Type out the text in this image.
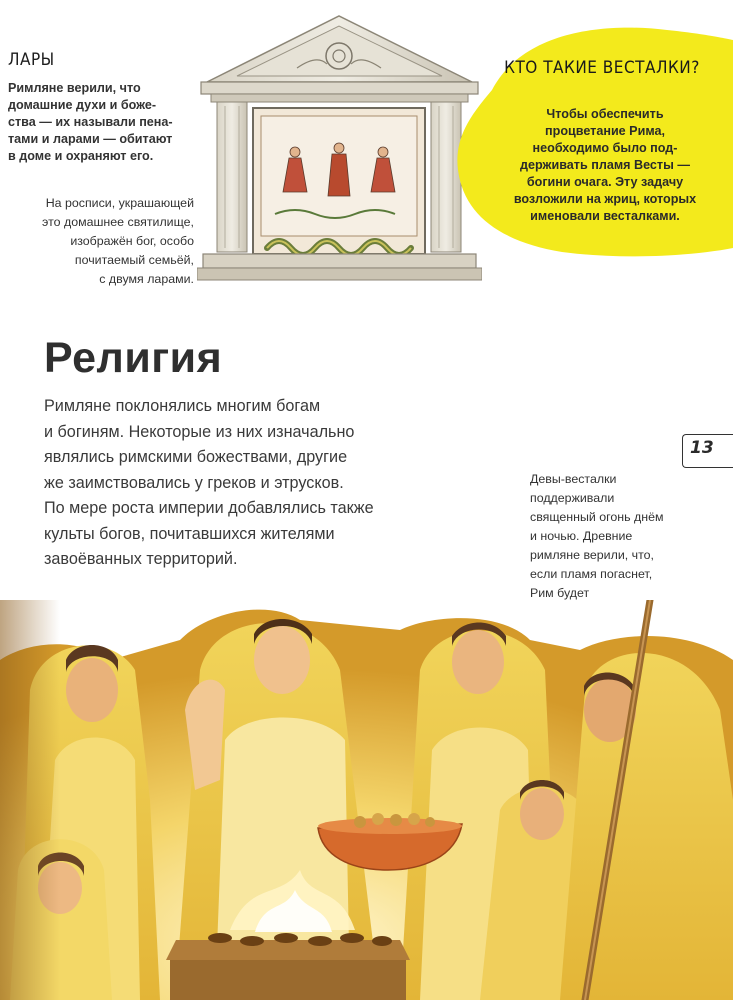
ЛАРЫ
Римляне верили, что
домашние духи и боже-
ства — их называли пена-
тами и ларами — обитают
в доме и охраняют его.
На росписи, украшающей
это домашнее святилище,
изображён бог, особо
почитаемый семьёй,
с двумя ларами.
КТО ТАКИЕ ВЕСТАЛКИ?
Чтобы обеспечить
процветание Рима,
необходимо было под-
держивать пламя Весты —
богини очага. Эту задачу
возложили на жриц, которых
именовали весталками.
Религия
Римляне поклонялись многим богам
и богиням. Некоторые из них изначально
являлись римскими божествами, другие
же заимствовались у греков и этрусков.
По мере роста империи добавлялись также
культы богов, почитавшихся жителями
завоёванных территорий.
13
Девы-весталки
поддерживали
священный огонь днём
и ночью. Древние
римляне верили, что,
если пламя погаснет,
Рим будет
